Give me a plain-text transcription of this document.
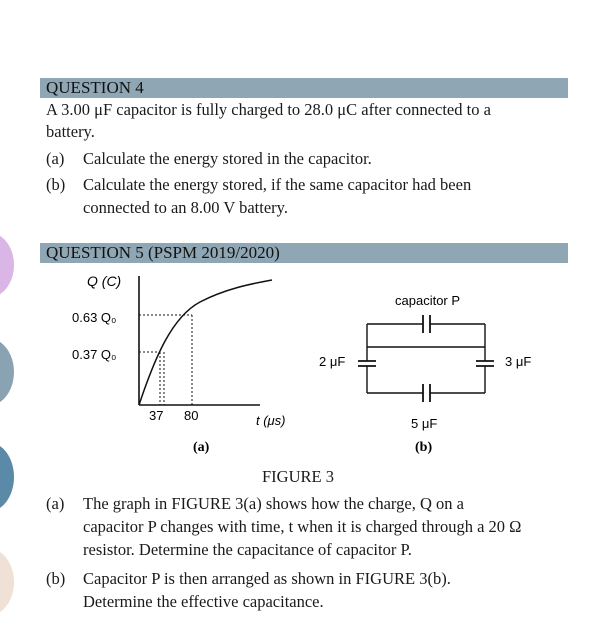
QUESTION 4
A 3.00 μF capacitor is fully charged to 28.0 μC after connected to a
battery.
(a) Calculate the energy stored in the capacitor.
(b) Calculate the energy stored, if the same capacitor had been
connected to an 8.00 V battery.
QUESTION 5 (PSPM 2019/2020)
Q (C)
0.63 Q₀
0.37 Q₀
37 80	t (μs)
(a)
capacitor P
2 μF	3 μF
5 μF
(b)
FIGURE 3
(a) The graph in FIGURE 3(a) shows how the charge, Q on a
capacitor P changes with time, t when it is charged through a 20 Ω
resistor. Determine the capacitance of capacitor P.
(b) Capacitor P is then arranged as shown in FIGURE 3(b).
Determine the effective capacitance.
